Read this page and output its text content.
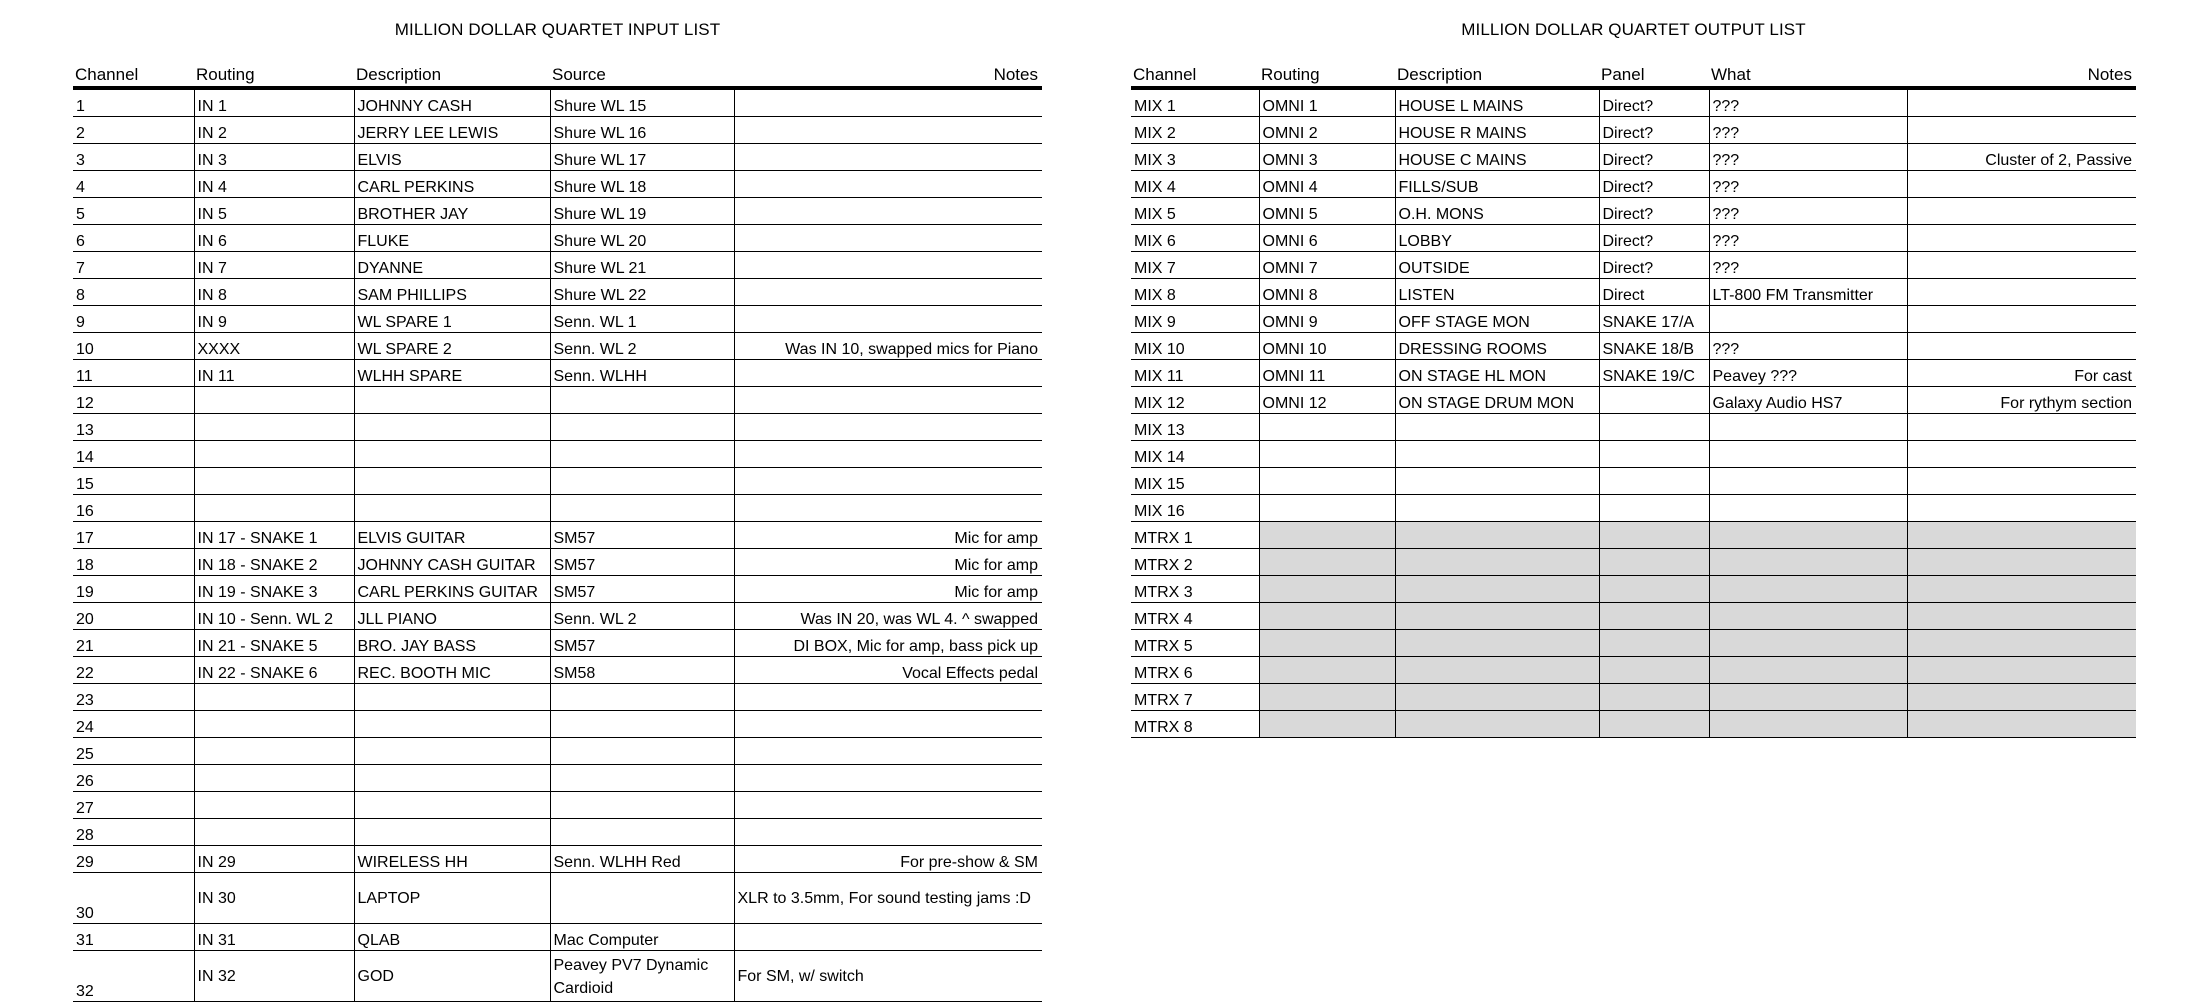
MILLION DOLLAR QUARTET INPUT LIST
Channel	Routing	Description	Source	Notes
1	IN 1	JOHNNY CASH	Shure WL 15	
2	IN 2	JERRY LEE LEWIS	Shure WL 16	
3	IN 3	ELVIS	Shure WL 17	
4	IN 4	CARL PERKINS	Shure WL 18	
5	IN 5	BROTHER JAY	Shure WL 19	
6	IN 6	FLUKE	Shure WL 20	
7	IN 7	DYANNE	Shure WL 21	
8	IN 8	SAM PHILLIPS	Shure WL 22	
9	IN 9	WL SPARE 1	Senn. WL 1	
10	XXXX	WL SPARE 2	Senn. WL 2	Was IN 10, swapped mics for Piano
11	IN 11	WLHH SPARE	Senn. WLHH	
12				
13				
14				
15				
16				
17	IN 17 - SNAKE 1	ELVIS GUITAR	SM57	Mic for amp
18	IN 18 - SNAKE 2	JOHNNY CASH GUITAR	SM57	Mic for amp
19	IN 19 - SNAKE 3	CARL PERKINS GUITAR	SM57	Mic for amp
20	IN 10 - Senn. WL 2	JLL PIANO	Senn. WL 2	Was IN 20, was WL 4. ^ swapped
21	IN 21 - SNAKE 5	BRO. JAY BASS	SM57	DI BOX, Mic for amp, bass pick up
22	IN 22 - SNAKE 6	REC. BOOTH MIC	SM58	Vocal Effects pedal
23				
24				
25				
26				
27				
28				
29	IN 29	WIRELESS HH	Senn. WLHH Red	For pre-show & SM
30	IN 30	LAPTOP		XLR to 3.5mm, For sound testing jams :D
31	IN 31	QLAB	Mac Computer	
32	IN 32	GOD	Peavey PV7 Dynamic Cardioid	For SM, w/ switch
MILLION DOLLAR QUARTET OUTPUT LIST
Channel	Routing	Description	Panel	What	Notes
MIX 1	OMNI 1	HOUSE L MAINS	Direct?	???	
MIX 2	OMNI 2	HOUSE R MAINS	Direct?	???	
MIX 3	OMNI 3	HOUSE C MAINS	Direct?	???	Cluster of 2, Passive
MIX 4	OMNI 4	FILLS/SUB	Direct?	???	
MIX 5	OMNI 5	O.H. MONS	Direct?	???	
MIX 6	OMNI 6	LOBBY	Direct?	???	
MIX 7	OMNI 7	OUTSIDE	Direct?	???	
MIX 8	OMNI 8	LISTEN	Direct	LT-800 FM Transmitter	
MIX 9	OMNI 9	OFF STAGE MON	SNAKE 17/A		
MIX 10	OMNI 10	DRESSING ROOMS	SNAKE 18/B	???	
MIX 11	OMNI 11	ON STAGE HL MON	SNAKE 19/C	Peavey ???	For cast
MIX 12	OMNI 12	ON STAGE DRUM MON		Galaxy Audio HS7	For rythym section
MIX 13					
MIX 14					
MIX 15					
MIX 16					
MTRX 1					
MTRX 2					
MTRX 3					
MTRX 4					
MTRX 5					
MTRX 6					
MTRX 7					
MTRX 8					
